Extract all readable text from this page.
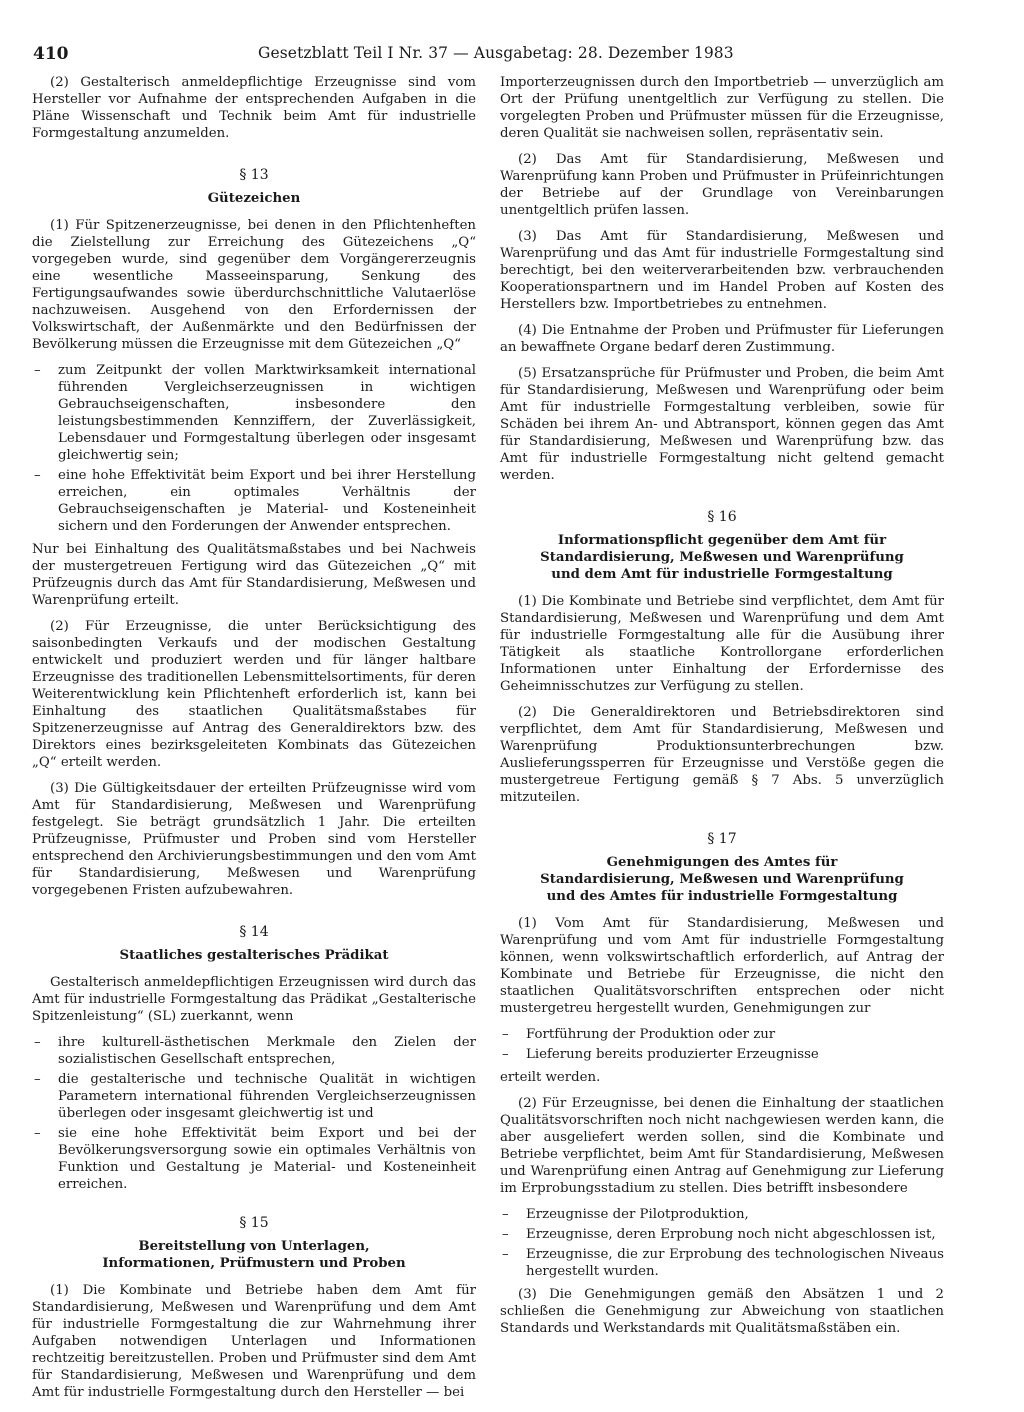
410	Gesetzblatt Teil I Nr. 37 — Ausgabetag: 28. Dezember 1983

(2) Gestalterisch anmeldepflichtige Erzeugnisse sind vom Hersteller vor Aufnahme der entsprechenden Aufgaben in die Pläne Wissenschaft und Technik beim Amt für industrielle Formgestaltung anzumelden.

§ 13
Gütezeichen

(1) Für Spitzenerzeugnisse, bei denen in den Pflichtenheften die Zielstellung zur Erreichung des Gütezeichens „Q“ vorgegeben wurde, sind gegenüber dem Vorgängererzeugnis eine wesentliche Masseeinsparung, Senkung des Fertigungsaufwandes sowie überdurchschnittliche Valutaerlöse nachzuweisen. Ausgehend von den Erfordernissen der Volkswirtschaft, der Außenmärkte und den Bedürfnissen der Bevölkerung müssen die Erzeugnisse mit dem Gütezeichen „Q“

– zum Zeitpunkt der vollen Marktwirksamkeit international führenden Vergleichserzeugnissen in wichtigen Gebrauchseigenschaften, insbesondere den leistungsbestimmenden Kennziffern, der Zuverlässigkeit, Lebensdauer und Formgestaltung überlegen oder insgesamt gleichwertig sein;
– eine hohe Effektivität beim Export und bei ihrer Herstellung erreichen, ein optimales Verhältnis der Gebrauchseigenschaften je Material- und Kosteneinheit sichern und den Forderungen der Anwender entsprechen.

Nur bei Einhaltung des Qualitätsmaßstabes und bei Nachweis der mustergetreuen Fertigung wird das Gütezeichen „Q“ mit Prüfzeugnis durch das Amt für Standardisierung, Meßwesen und Warenprüfung erteilt.

(2) Für Erzeugnisse, die unter Berücksichtigung des saisonbedingten Verkaufs und der modischen Gestaltung entwickelt und produziert werden und für länger haltbare Erzeugnisse des traditionellen Lebensmittelsortiments, für deren Weiterentwicklung kein Pflichtenheft erforderlich ist, kann bei Einhaltung des staatlichen Qualitätsmaßstabes für Spitzenerzeugnisse auf Antrag des Generaldirektors bzw. des Direktors eines bezirksgeleiteten Kombinats das Gütezeichen „Q“ erteilt werden.

(3) Die Gültigkeitsdauer der erteilten Prüfzeugnisse wird vom Amt für Standardisierung, Meßwesen und Warenprüfung festgelegt. Sie beträgt grundsätzlich 1 Jahr. Die erteilten Prüfzeugnisse, Prüfmuster und Proben sind vom Hersteller entsprechend den Archivierungsbestimmungen und den vom Amt für Standardisierung, Meßwesen und Warenprüfung vorgegebenen Fristen aufzubewahren.

§ 14
Staatliches gestalterisches Prädikat

Gestalterisch anmeldepflichtigen Erzeugnissen wird durch das Amt für industrielle Formgestaltung das Prädikat „Gestalterische Spitzenleistung“ (SL) zuerkannt, wenn

– ihre kulturell-ästhetischen Merkmale den Zielen der sozialistischen Gesellschaft entsprechen,
– die gestalterische und technische Qualität in wichtigen Parametern international führenden Vergleichserzeugnissen überlegen oder insgesamt gleichwertig ist und
– sie eine hohe Effektivität beim Export und bei der Bevölkerungsversorgung sowie ein optimales Verhältnis von Funktion und Gestaltung je Material- und Kosteneinheit erreichen.
§ 15
Bereitstellung von Unterlagen,
Informationen, Prüfmustern und Proben

(1) Die Kombinate und Betriebe haben dem Amt für Standardisierung, Meßwesen und Warenprüfung und dem Amt für industrielle Formgestaltung die zur Wahrnehmung ihrer Aufgaben notwendigen Unterlagen und Informationen rechtzeitig bereitzustellen. Proben und Prüfmuster sind dem Amt für Standardisierung, Meßwesen und Warenprüfung und dem Amt für industrielle Formgestaltung durch den Hersteller — bei

Importerzeugnissen durch den Importbetrieb — unverzüglich am Ort der Prüfung unentgeltlich zur Verfügung zu stellen. Die vorgelegten Proben und Prüfmuster müssen für die Erzeugnisse, deren Qualität sie nachweisen sollen, repräsentativ sein.

(2) Das Amt für Standardisierung, Meßwesen und Warenprüfung kann Proben und Prüfmuster in Prüfeinrichtungen der Betriebe auf der Grundlage von Vereinbarungen unentgeltlich prüfen lassen.

(3) Das Amt für Standardisierung, Meßwesen und Warenprüfung und das Amt für industrielle Formgestaltung sind berechtigt, bei den weiterverarbeitenden bzw. verbrauchenden Kooperationspartnern und im Handel Proben auf Kosten des Herstellers bzw. Importbetriebes zu entnehmen.

(4) Die Entnahme der Proben und Prüfmuster für Lieferungen an bewaffnete Organe bedarf deren Zustimmung.

(5) Ersatzansprüche für Prüfmuster und Proben, die beim Amt für Standardisierung, Meßwesen und Warenprüfung oder beim Amt für industrielle Formgestaltung verbleiben, sowie für Schäden bei ihrem An- und Abtransport, können gegen das Amt für Standardisierung, Meßwesen und Warenprüfung bzw. das Amt für industrielle Formgestaltung nicht geltend gemacht werden.

§ 16
Informationspflicht gegenüber dem Amt für
Standardisierung, Meßwesen und Warenprüfung
und dem Amt für industrielle Formgestaltung

(1) Die Kombinate und Betriebe sind verpflichtet, dem Amt für Standardisierung, Meßwesen und Warenprüfung und dem Amt für industrielle Formgestaltung alle für die Ausübung ihrer Tätigkeit als staatliche Kontrollorgane erforderlichen Informationen unter Einhaltung der Erfordernisse des Geheimnisschutzes zur Verfügung zu stellen.

(2) Die Generaldirektoren und Betriebsdirektoren sind verpflichtet, dem Amt für Standardisierung, Meßwesen und Warenprüfung Produktionsunterbrechungen bzw. Auslieferungssperren für Erzeugnisse und Verstöße gegen die mustergetreue Fertigung gemäß § 7 Abs. 5 unverzüglich mitzuteilen.

§ 17
Genehmigungen des Amtes für
Standardisierung, Meßwesen und Warenprüfung
und des Amtes für industrielle Formgestaltung

(1) Vom Amt für Standardisierung, Meßwesen und Warenprüfung und vom Amt für industrielle Formgestaltung können, wenn volkswirtschaftlich erforderlich, auf Antrag der Kombinate und Betriebe für Erzeugnisse, die nicht den staatlichen Qualitätsvorschriften entsprechen oder nicht mustergetreu hergestellt wurden, Genehmigungen zur

– Fortführung der Produktion oder zur
– Lieferung bereits produzierter Erzeugnisse

erteilt werden.

(2) Für Erzeugnisse, bei denen die Einhaltung der staatlichen Qualitätsvorschriften noch nicht nachgewiesen werden kann, die aber ausgeliefert werden sollen, sind die Kombinate und Betriebe verpflichtet, beim Amt für Standardisierung, Meßwesen und Warenprüfung einen Antrag auf Genehmigung zur Lieferung im Erprobungsstadium zu stellen. Dies betrifft insbesondere

– Erzeugnisse der Pilotproduktion,
– Erzeugnisse, deren Erprobung noch nicht abgeschlossen ist,
– Erzeugnisse, die zur Erprobung des technologischen Niveaus hergestellt wurden.

(3) Die Genehmigungen gemäß den Absätzen 1 und 2 schließen die Genehmigung zur Abweichung von staatlichen Standards und Werkstandards mit Qualitätsmaßstäben ein.
